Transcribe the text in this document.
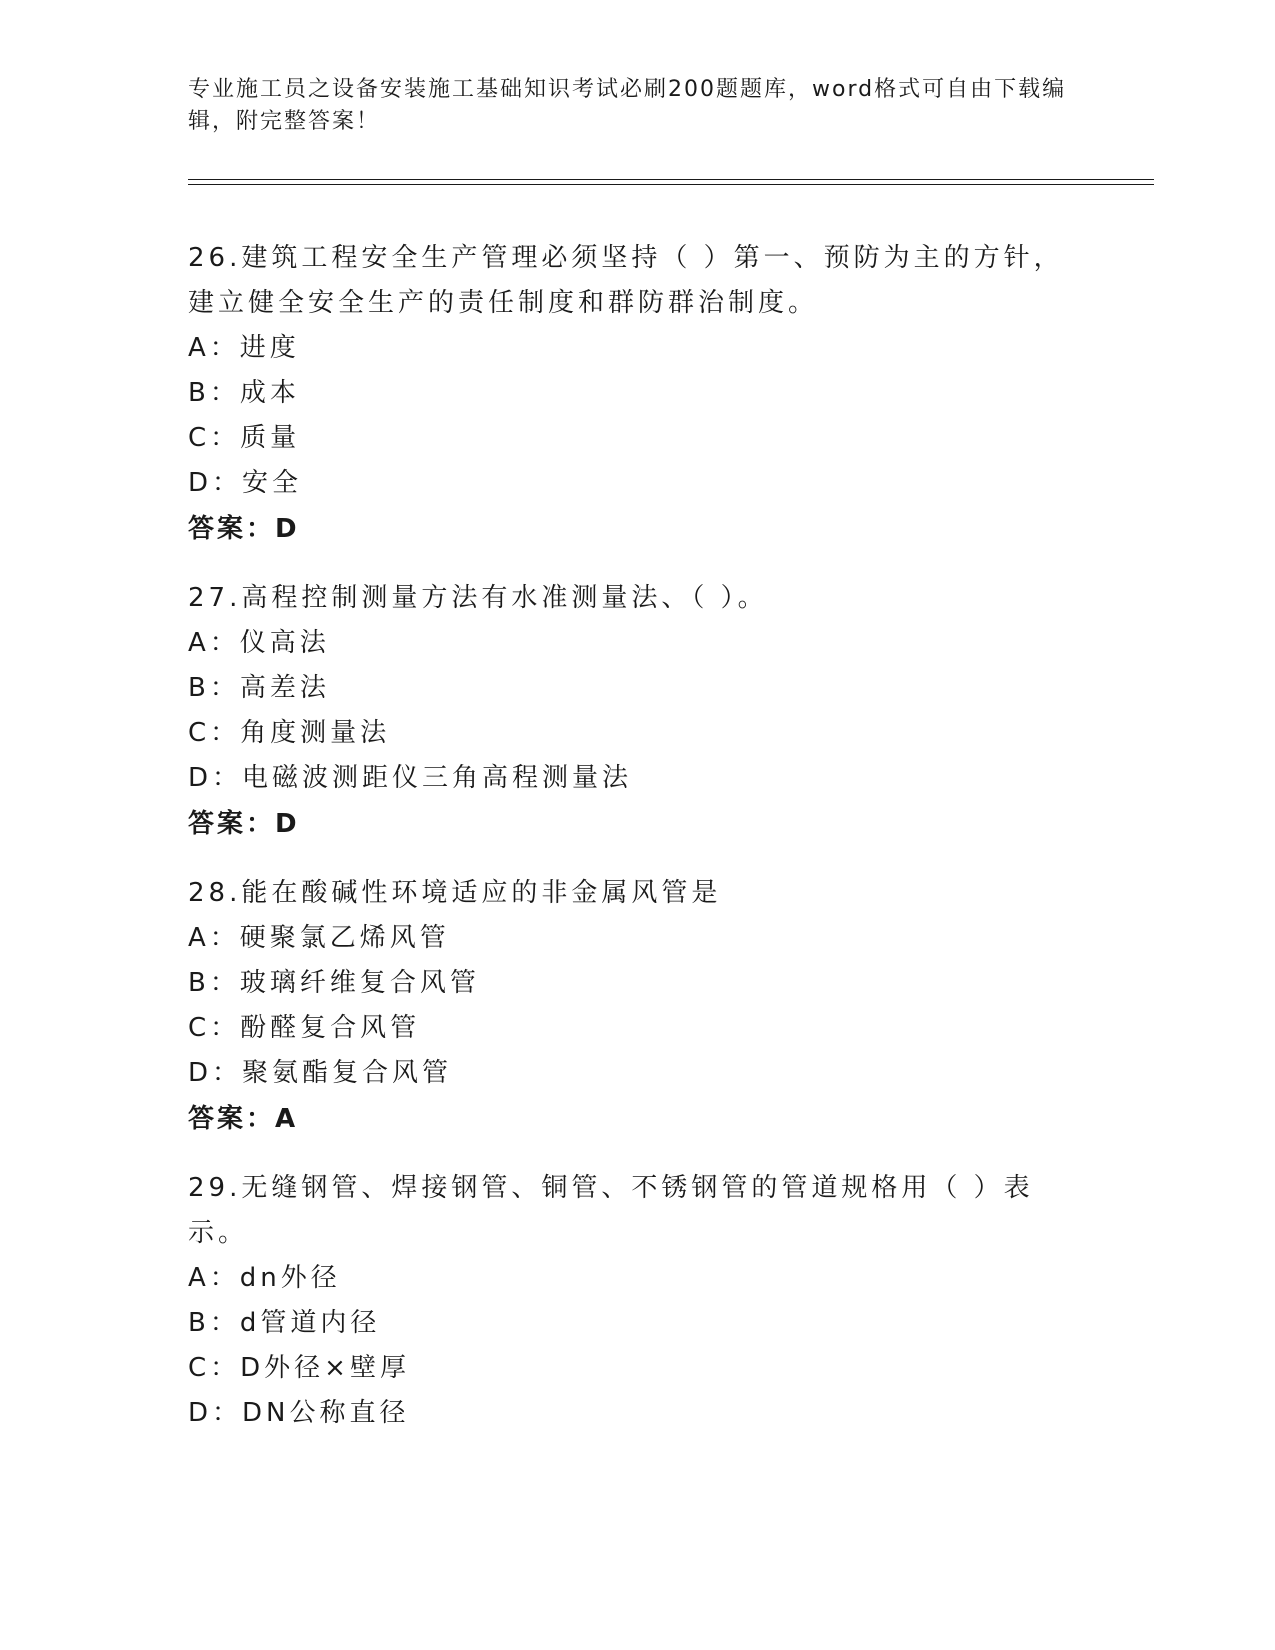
专业施工员之设备安装施工基础知识考试必刷200题题库，word格式可自由下载编辑，附完整答案！
26.建筑工程安全生产管理必须坚持（ ）第一、预防为主的方针，建立健全安全生产的责任制度和群防群治制度。
A：进度
B：成本
C：质量
D：安全
答案：D
27.高程控制测量方法有水准测量法、（ ）。
A：仪高法
B：高差法
C：角度测量法
D：电磁波测距仪三角高程测量法
答案：D
28.能在酸碱性环境适应的非金属风管是
A：硬聚氯乙烯风管
B：玻璃纤维复合风管
C：酚醛复合风管
D：聚氨酯复合风管
答案：A
29.无缝钢管、焊接钢管、铜管、不锈钢管的管道规格用（ ）表示。
A：dn外径
B：d管道内径
C：D外径×壁厚
D：DN公称直径
